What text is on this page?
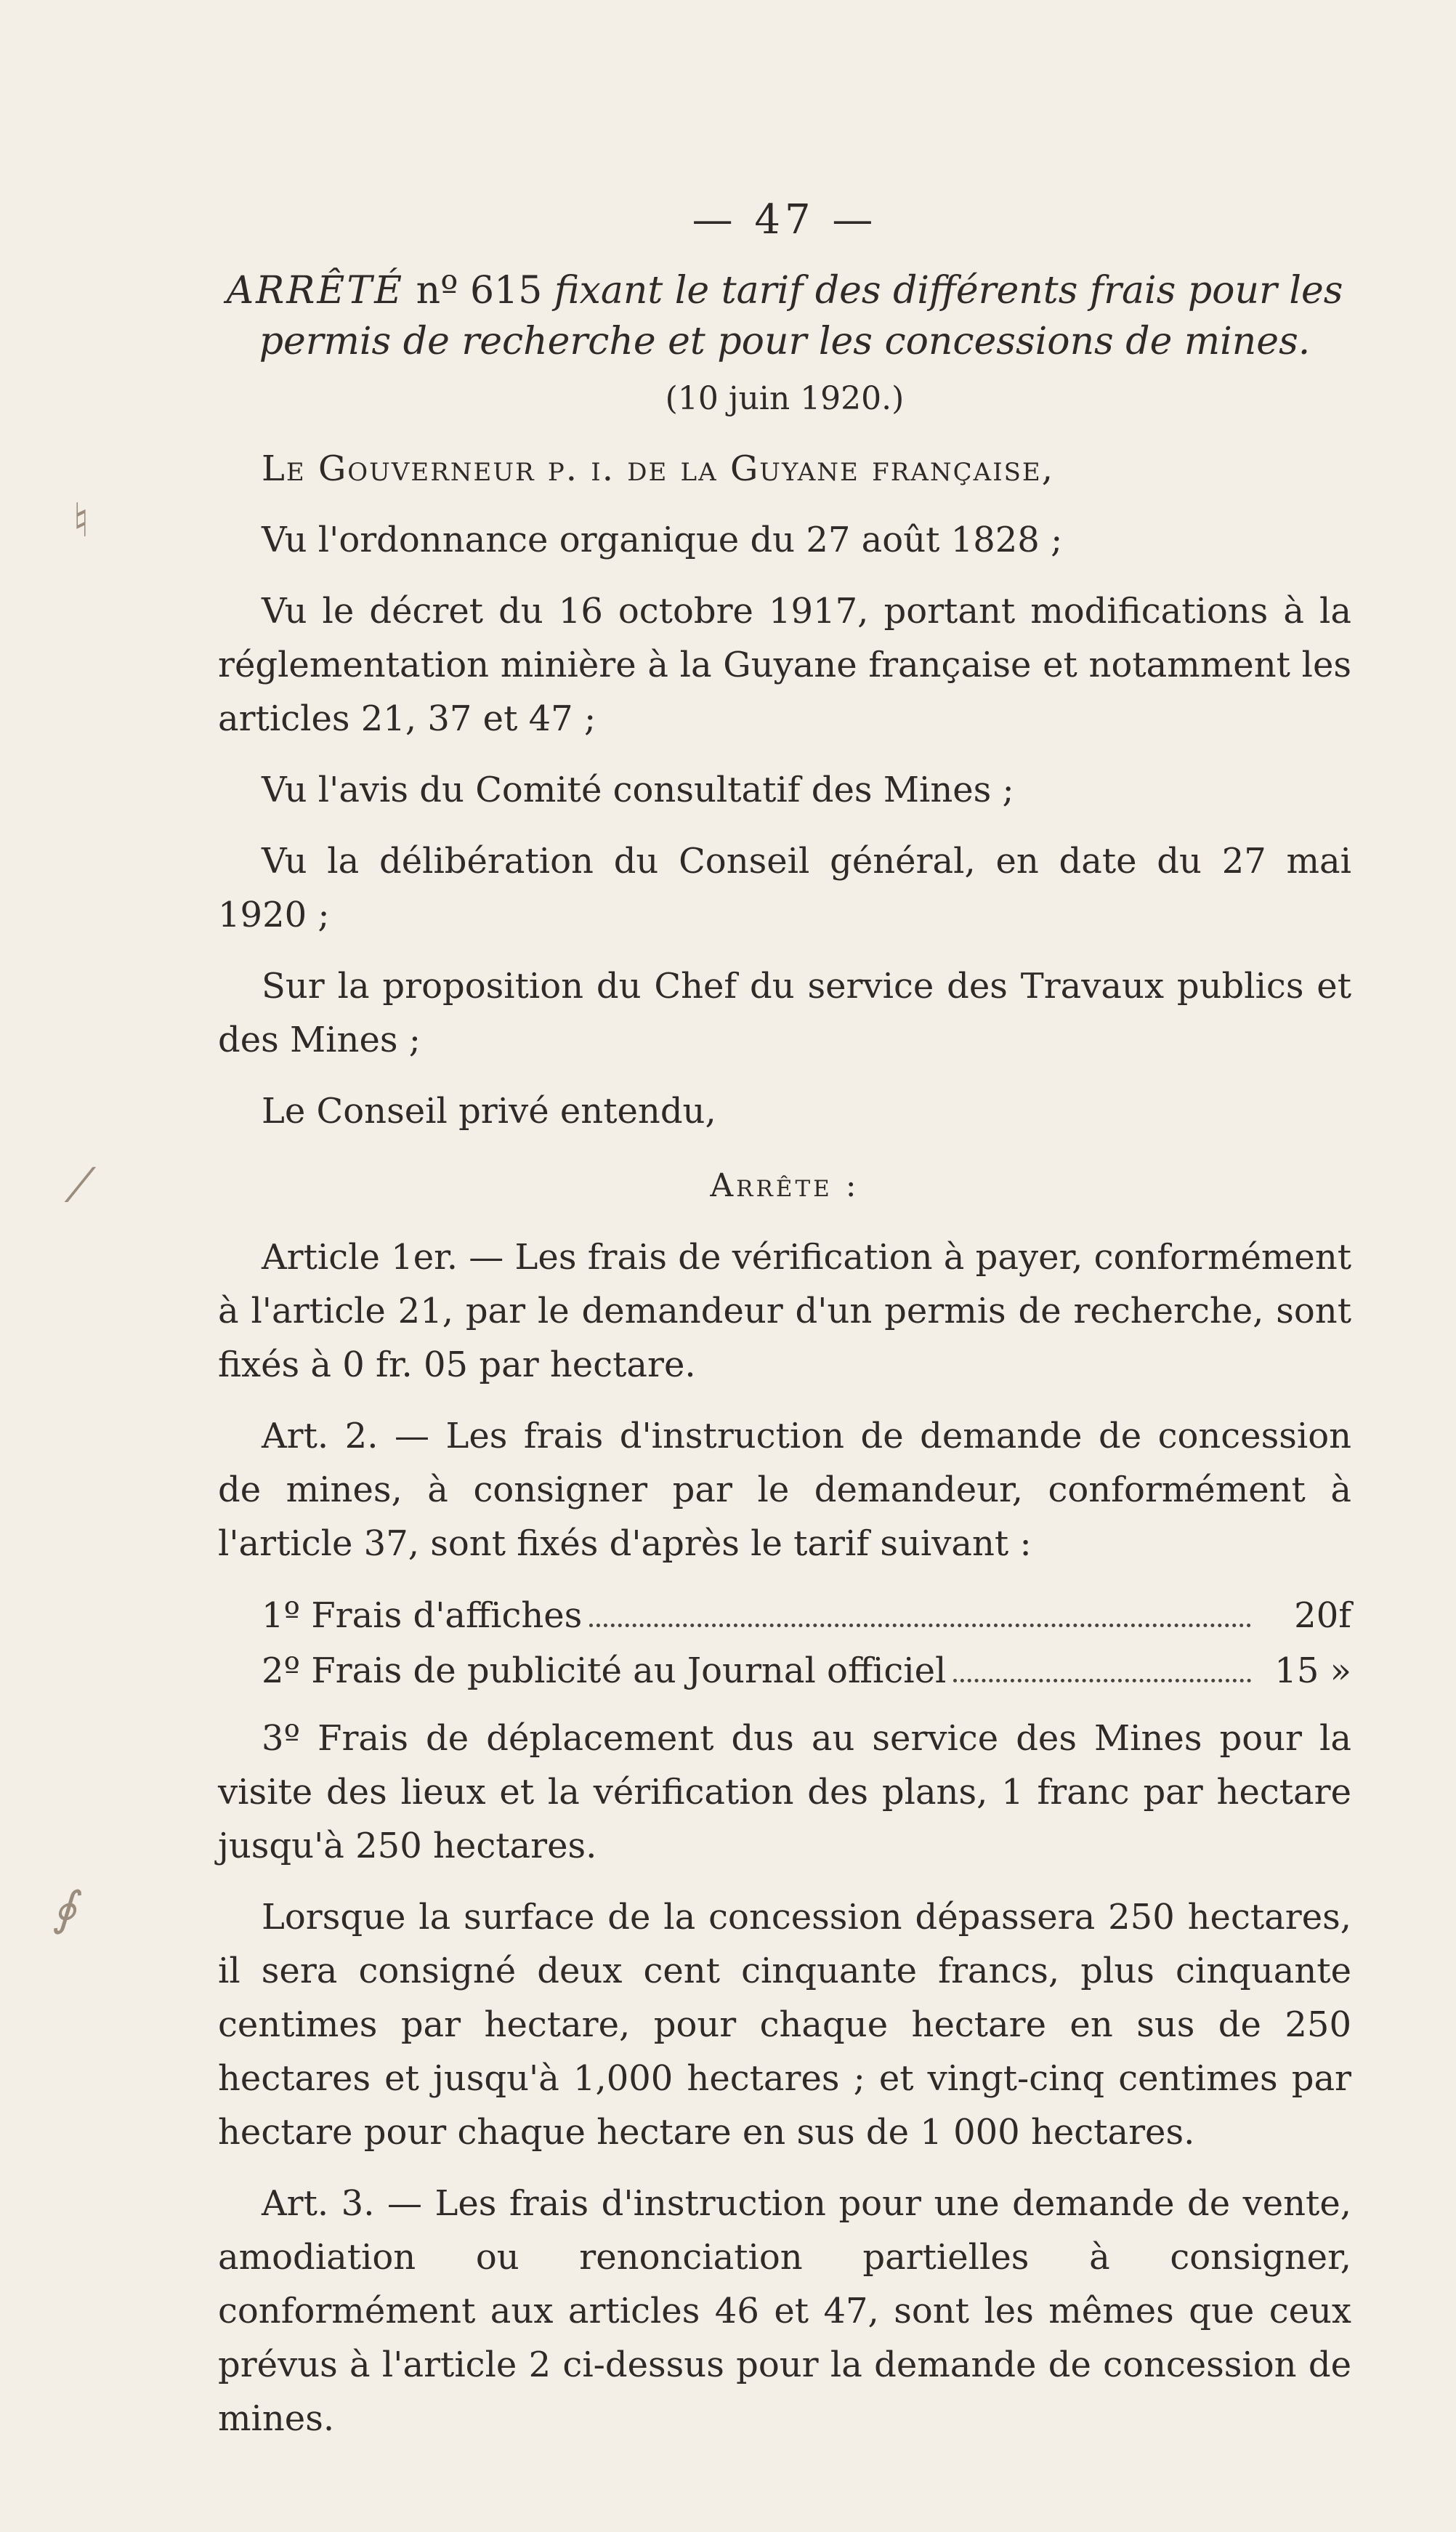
♮
⁄
∮
— 47 —
ARRÊTÉ nº 615 fixant le tarif des différents frais pour les permis de recherche et pour les concessions de mines.
(10 juin 1920.)

Le Gouverneur p. i. de la Guyane française,

Vu l'ordonnance organique du 27 août 1828 ;

Vu le décret du 16 octobre 1917, portant modifications à la réglementation minière à la Guyane française et notamment les articles 21, 37 et 47 ;

Vu l'avis du Comité consultatif des Mines ;

Vu la délibération du Conseil général, en date du 27 mai 1920 ;

Sur la proposition du Chef du service des Travaux publics et des Mines ;

Le Conseil privé entendu,

Arrête :

Article 1er. — Les frais de vérification à payer, conformément à l'article 21, par le demandeur d'un permis de recherche, sont fixés à 0 fr. 05 par hectare.

Art. 2. — Les frais d'instruction de demande de concession de mines, à consigner par le demandeur, conformément à l'article 37, sont fixés d'après le tarif suivant :

1º Frais d'affiches	20f
2º Frais de publicité au Journal officiel	15 »

3º Frais de déplacement dus au service des Mines pour la visite des lieux et la vérification des plans, 1 franc par hectare jusqu'à 250 hectares.

Lorsque la surface de la concession dépassera 250 hectares, il sera consigné deux cent cinquante francs, plus cinquante centimes par hectare, pour chaque hectare en sus de 250 hectares et jusqu'à 1,000 hectares ; et vingt-cinq centimes par hectare pour chaque hectare en sus de 1 000 hectares.

Art. 3. — Les frais d'instruction pour une demande de vente, amodiation ou renonciation partielles à consigner, conformément aux articles 46 et 47, sont les mêmes que ceux prévus à l'article 2 ci-dessus pour la demande de concession de mines.
